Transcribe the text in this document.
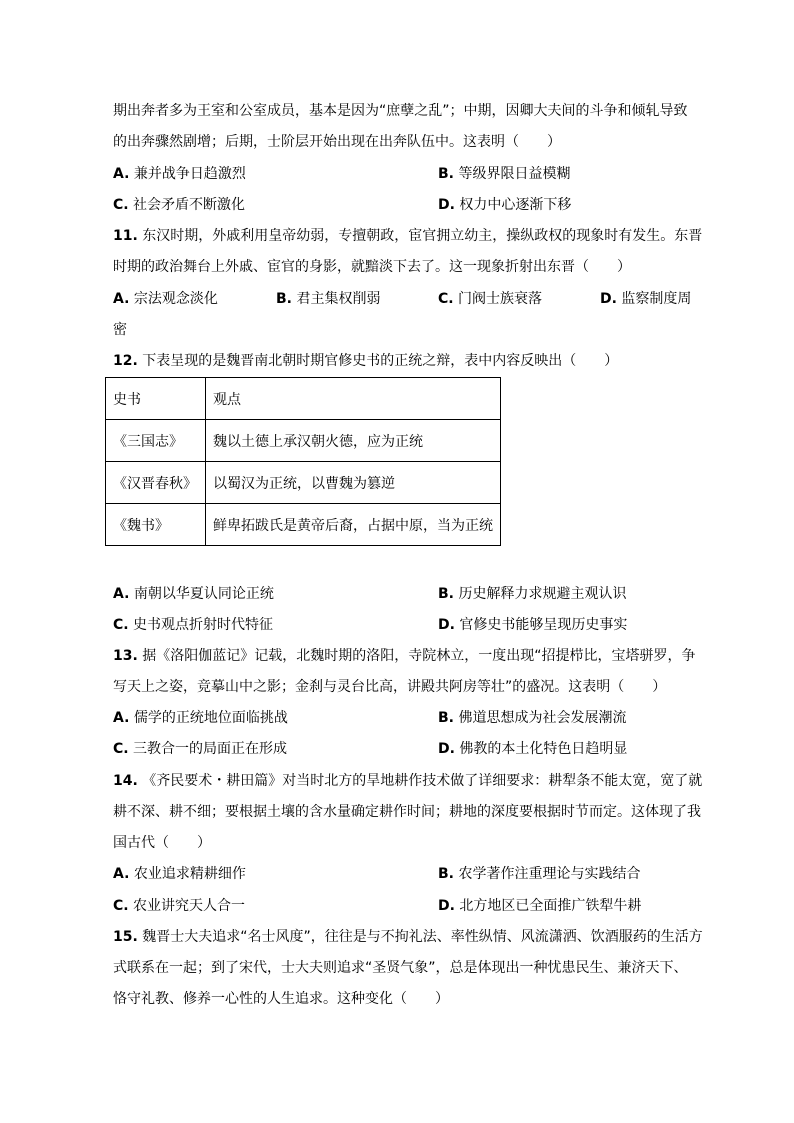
期出奔者多为王室和公室成员，基本是因为“庶孽之乱”；中期，因卿大夫间的斗争和倾轧导致
的出奔骤然剧增；后期，士阶层开始出现在出奔队伍中。这表明（　　）
A. 兼并战争日趋激烈	B. 等级界限日益模糊
C. 社会矛盾不断激化	D. 权力中心逐渐下移
11. 东汉时期，外戚利用皇帝幼弱，专擅朝政，宦官拥立幼主，操纵政权的现象时有发生。东晋
时期的政治舞台上外戚、宦官的身影，就黯淡下去了。这一现象折射出东晋（　　）
A. 宗法观念淡化	B. 君主集权削弱	C. 门阀士族衰落	D. 监察制度周
密
12. 下表呈现的是魏晋南北朝时期官修史书的正统之辩，表中内容反映出（　　）
史书	观点
《三国志》	魏以土德上承汉朝火德，应为正统
《汉晋春秋》	以蜀汉为正统，以曹魏为篡逆
《魏书》	鲜卑拓跋氏是黄帝后裔，占据中原，当为正统
A. 南朝以华夏认同论正统	B. 历史解释力求规避主观认识
C. 史书观点折射时代特征	D. 官修史书能够呈现历史事实
13. 据《洛阳伽蓝记》记载，北魏时期的洛阳，寺院林立，一度出现“招提栉比，宝塔骈罗，争
写天上之姿，竞摹山中之影；金刹与灵台比高，讲殿共阿房等壮”的盛况。这表明（　　）
A. 儒学的正统地位面临挑战	B. 佛道思想成为社会发展潮流
C. 三教合一的局面正在形成	D. 佛教的本土化特色日趋明显
14. 《齐民要术・耕田篇》对当时北方的旱地耕作技术做了详细要求：耕犁条不能太宽，宽了就
耕不深、耕不细；要根据土壤的含水量确定耕作时间；耕地的深度要根据时节而定。这体现了我
国古代（　　）
A. 农业追求精耕细作	B. 农学著作注重理论与实践结合
C. 农业讲究天人合一	D. 北方地区已全面推广铁犁牛耕
15. 魏晋士大夫追求“名士风度”，往往是与不拘礼法、率性纵情、风流潇洒、饮酒服药的生活方
式联系在一起；到了宋代，士大夫则追求“圣贤气象”，总是体现出一种忧患民生、兼济天下、
恪守礼教、修养一心性的人生追求。这种变化（　　）
